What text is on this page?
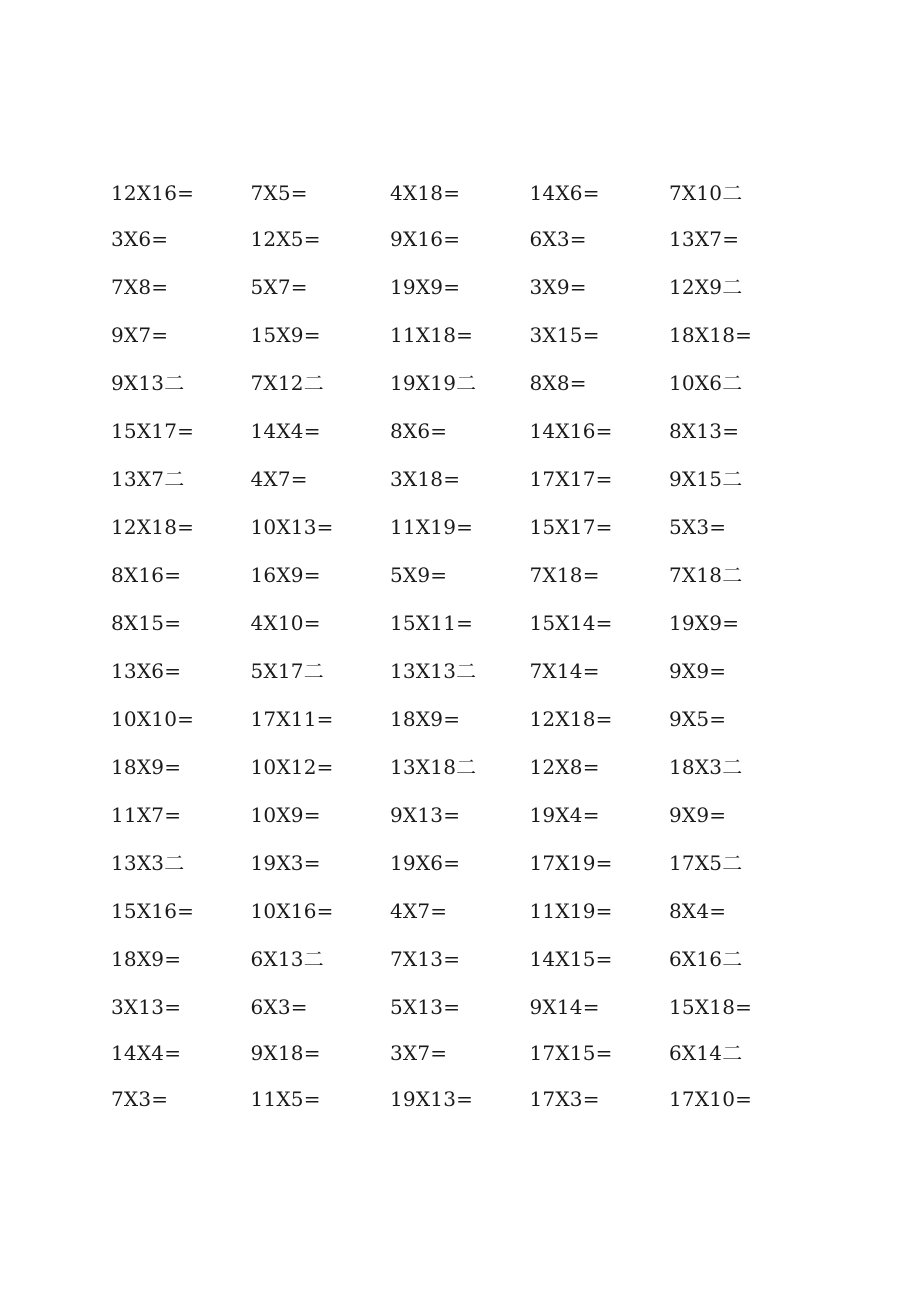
12X16=	7X5=	4X18=	14X6=	7X10二
3X6=	12X5=	9X16=	6X3=	13X7=
7X8=	5X7=	19X9=	3X9=	12X9二
9X7=	15X9=	11X18=	3X15=	18X18=
9X13二	7X12二	19X19二	8X8=	10X6二
15X17=	14X4=	8X6=	14X16=	8X13=
13X7二	4X7=	3X18=	17X17=	9X15二
12X18=	10X13=	11X19=	15X17=	5X3=
8X16=	16X9=	5X9=	7X18=	7X18二
8X15=	4X10=	15X11=	15X14=	19X9=
13X6=	5X17二	13X13二	7X14=	9X9=
10X10=	17X11=	18X9=	12X18=	9X5=
18X9=	10X12=	13X18二	12X8=	18X3二
11X7=	10X9=	9X13=	19X4=	9X9=
13X3二	19X3=	19X6=	17X19=	17X5二
15X16=	10X16=	4X7=	11X19=	8X4=
18X9=	6X13二	7X13=	14X15=	6X16二
3X13=	6X3=	5X13=	9X14=	15X18=
14X4=	9X18=	3X7=	17X15=	6X14二
7X3=	11X5=	19X13=	17X3=	17X10=
